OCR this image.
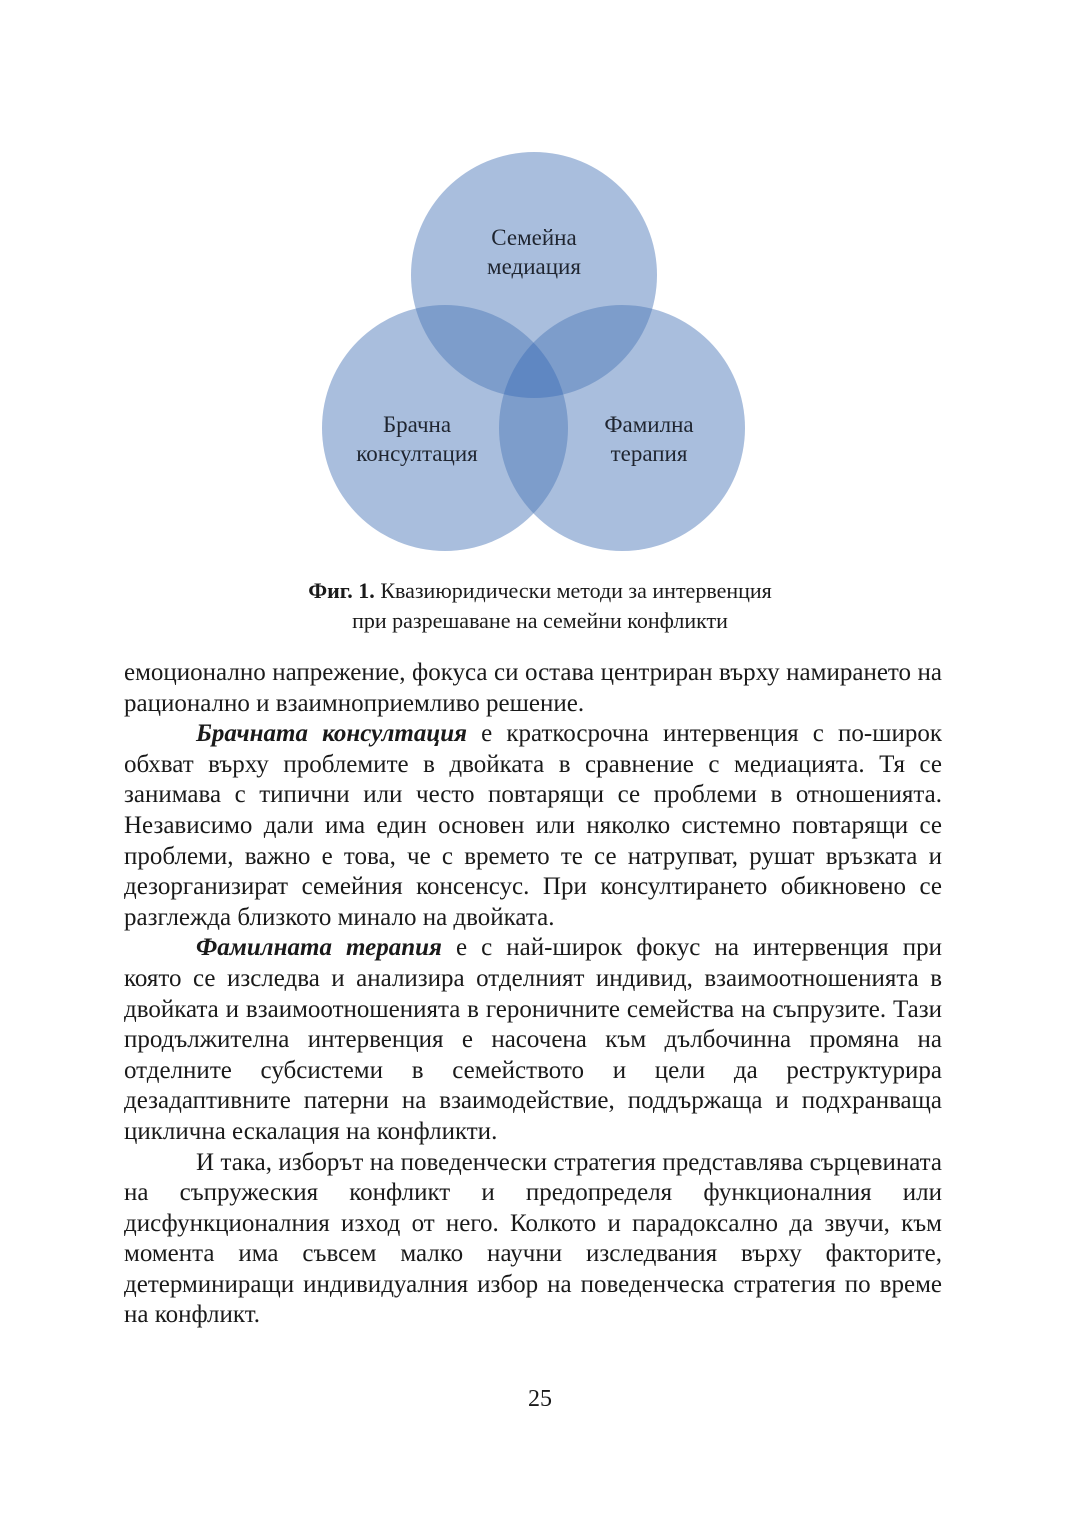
Семейна
медиация
Брачна
консултация
Фамилна
терапия
Фиг. 1. Квазиюридически методи за интервенция
при разрешаване на семейни конфликти

емоционално напрежение, фокуса си остава центриран върху намирането на рационално и взаимноприемливо решение.

Брачната консултация е краткосрочна интервенция с по-широк обхват върху проблемите в двойката в сравнение с медиацията. Тя се занимава с типични или често повтарящи се проблеми в отношенията. Независимо дали има един основен или няколко системно повтарящи се проблеми, важно е това, че с времето те се натрупват, рушат връзката и дезорганизират семейния консенсус. При консултирането обикновено се разглежда близкото минало на двойката.

Фамилната терапия е с най-широк фокус на интервенция при която се изследва и анализира отделният индивид, взаимоотношенията в двойката и взаимоотношенията в героничните семейства на съпрузите. Тази продължителна интервенция е насочена към дълбочинна промяна на отделните субсистеми в семейството и цели да реструктурира дезадаптивните патерни на взаимодействие, поддържаща и подхранваща циклична ескалация на конфликти.

И така, изборът на поведенчески стратегия представлява сърцевината на съпружеския конфликт и предопределя функционалния или дисфункционалния изход от него. Колкото и парадоксално да звучи, към момента има съвсем малко научни изследвания върху факторите, детерминиращи индивидуалния избор на поведенческа стратегия по време на конфликт.

25
